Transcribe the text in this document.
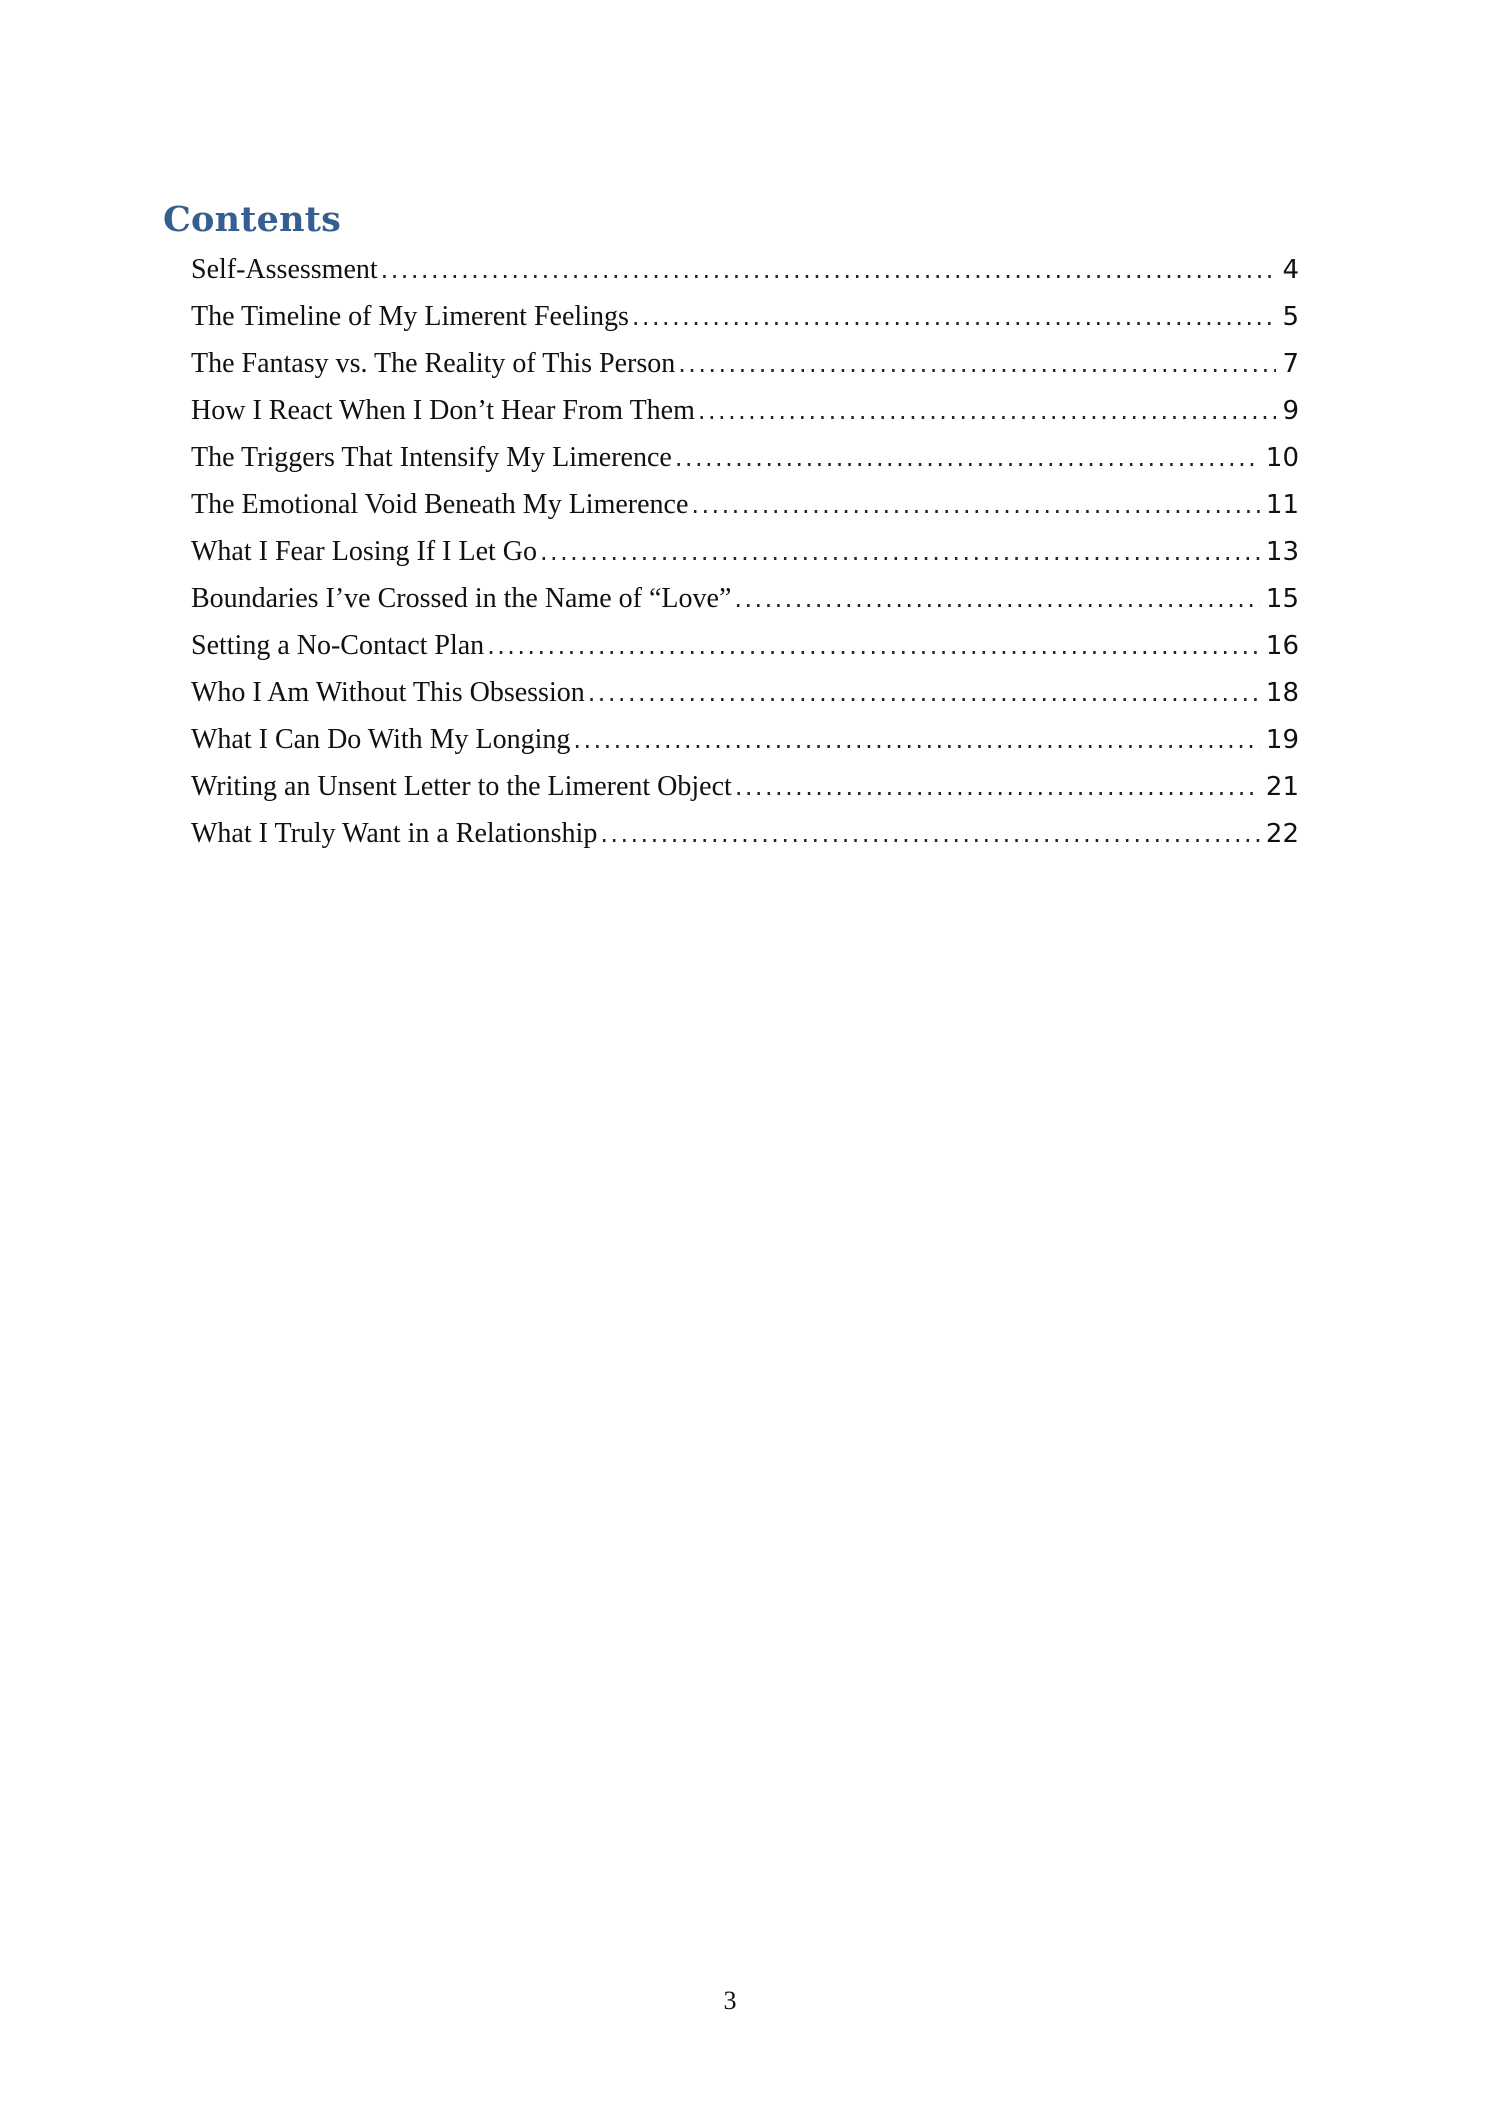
Contents
Self-Assessment . . .	4
The Timeline of My Limerent Feelings . . .	5
The Fantasy vs. The Reality of This Person . . .	7
How I React When I Don’t Hear From Them . . .	9
The Triggers That Intensify My Limerence . . .	10
The Emotional Void Beneath My Limerence . . .	11
What I Fear Losing If I Let Go . . .	13
Boundaries I’ve Crossed in the Name of “Love” . . .	15
Setting a No-Contact Plan . . .	16
Who I Am Without This Obsession . . .	18
What I Can Do With My Longing . . .	19
Writing an Unsent Letter to the Limerent Object . . .	21
What I Truly Want in a Relationship . . .	22
3
